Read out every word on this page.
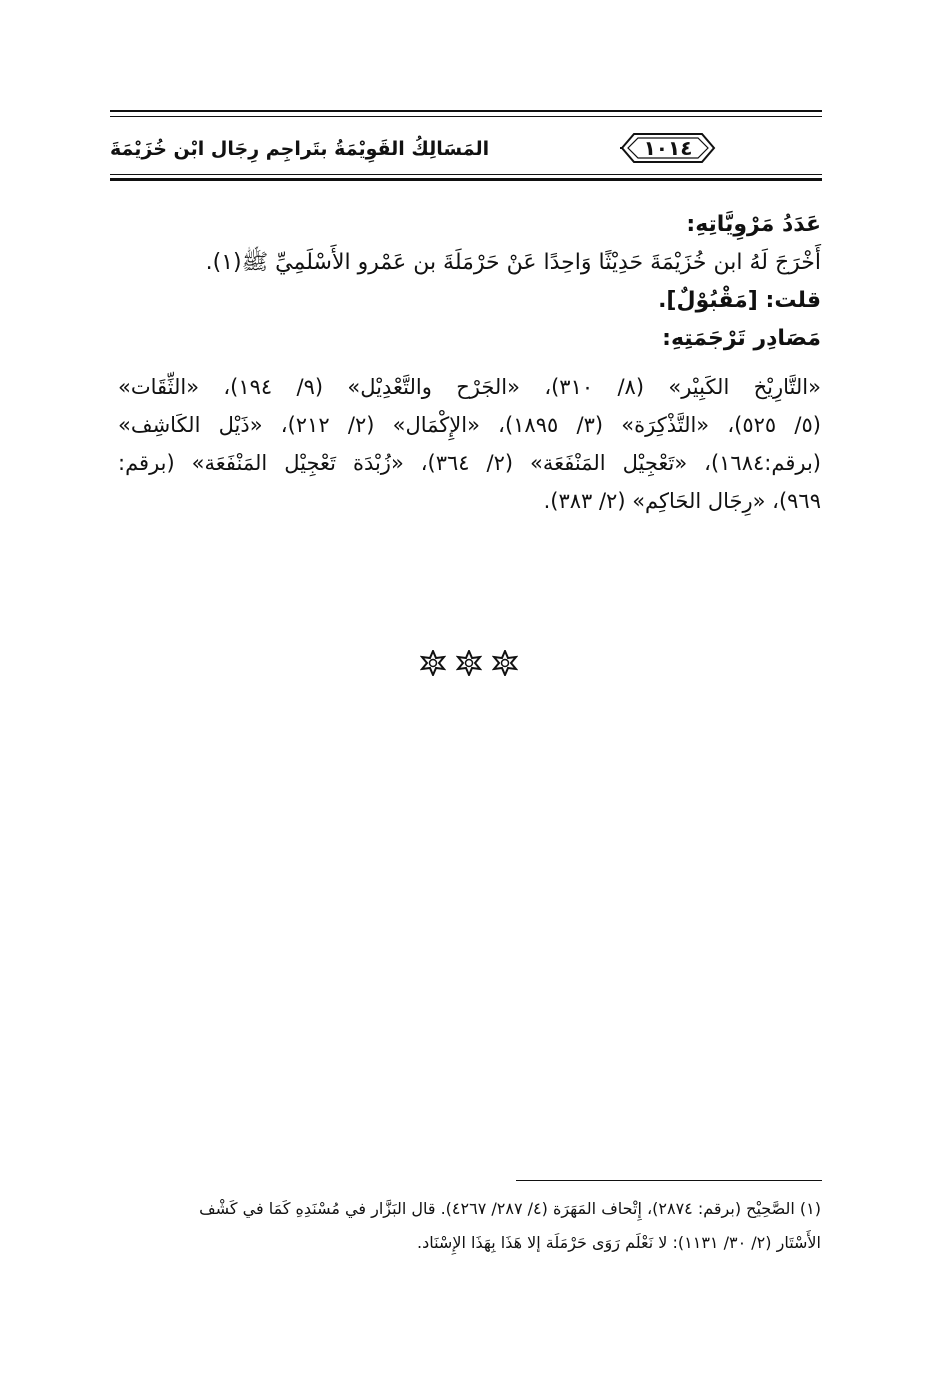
المَسَالِكُ القَوِيْمَةُ بتَراجِم رِجَال ابْن خُزَيْمَةَ	١٠١٤
عَدَدُ مَرْوِيَّاتِهِ:
أَخْرَجَ لَهُ ابن خُزَيْمَةَ حَدِيْثًا وَاحِدًا عَنْ حَرْمَلَةَ بن عَمْرو الأَسْلَمِيِّ ﷺ(١).
قلت: [مَقْبُوْلٌ].
مَصَادِر تَرْجَمَتِهِ:
«التَّارِيْخ الكَبِيْر» (٨/ ٣١٠)، «الجَرْح والتَّعْدِيْل» (٩/ ١٩٤)، «الثِّقَات»
(٥/ ٥٢٥)، «التَّذْكِرَة» (٣/ ١٨٩٥)، «الإِكْمَال» (٢/ ٢١٢)، «ذَيْل الكَاشِف»
(برقم:١٦٨٤)، «تَعْجِيْل المَنْفَعَة» (٢/ ٣٦٤)، «زُبْدَة تَعْجِيْل المَنْفَعَة» (برقم:
٩٦٩)، «رِجَال الحَاكِم» (٢/ ٣٨٣).
(١) الصَّحِيْح (برقم: ٢٨٧٤)، إِتْحاف المَهَرَة (٤/ ٢٨٧/ ٤٢٦٧). قال البَزَّار في مُسْنَدِهِ كَمَا في كَشْف
الأَسْتَار (٢/ ٣٠/ ١١٣١): لا نَعْلَم رَوَى حَرْمَلَة إلا هَذَا بِهَذَا الإِسْنَاد.
